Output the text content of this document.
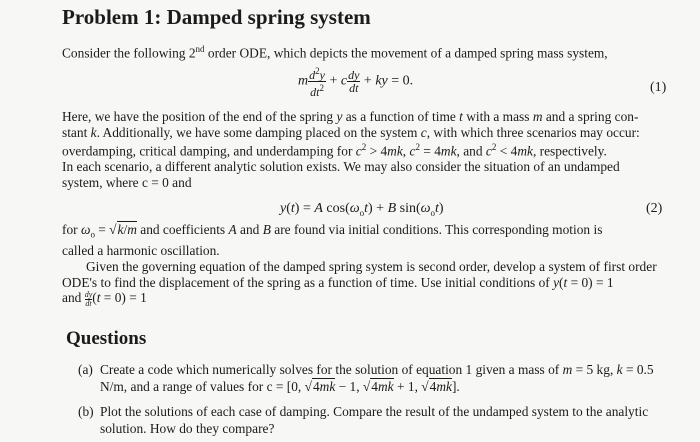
Problem 1: Damped spring system
Consider the following 2nd order ODE, which depicts the movement of a damped spring mass system,
m $\frac{d^2y}{dt^2} + c \frac{dy}{dt}$ + ky = 0.	(1)
Here, we have the position of the end of the spring y as a function of time t with a mass m and a spring con-
stant k. Additionally, we have some damping placed on the system c, with which three scenarios may occur:
overdamping, critical damping, and underdamping for $c^2 > 4mk$, $c^2 = 4mk$, and $c^2 < 4mk$, respectively.
In each scenario, a different analytic solution exists. We may also consider the situation of an undamped
system, where c = 0 and
y(t) = A $\cos(\omega_ot) + B$ $\sin(\omega_ot)$	(2)
for $\omega_o = √k/m$ and coefficients A and B are found via initial conditions. This corresponding motion is
called a harmonic oscillation.
Given the governing equation of the damped spring system is second order, develop a system of first order
ODE's to find the displacement of the spring as a function of time. Use initial conditions of y(t = 0) = 1
and $\frac{dy}{dt} (t = 0) = 1$
Questions
(a) Create a code which numerically solves for the solution of equation 1 given a mass of m = 5 kg, k = 0.5
N/m, and a range of values for c = [0, √4mk − 1, √4mk + 1, √4mk].
(b) Plot the solutions of each case of damping. Compare the result of the undamped system to the analytic
solution. How do they compare?
